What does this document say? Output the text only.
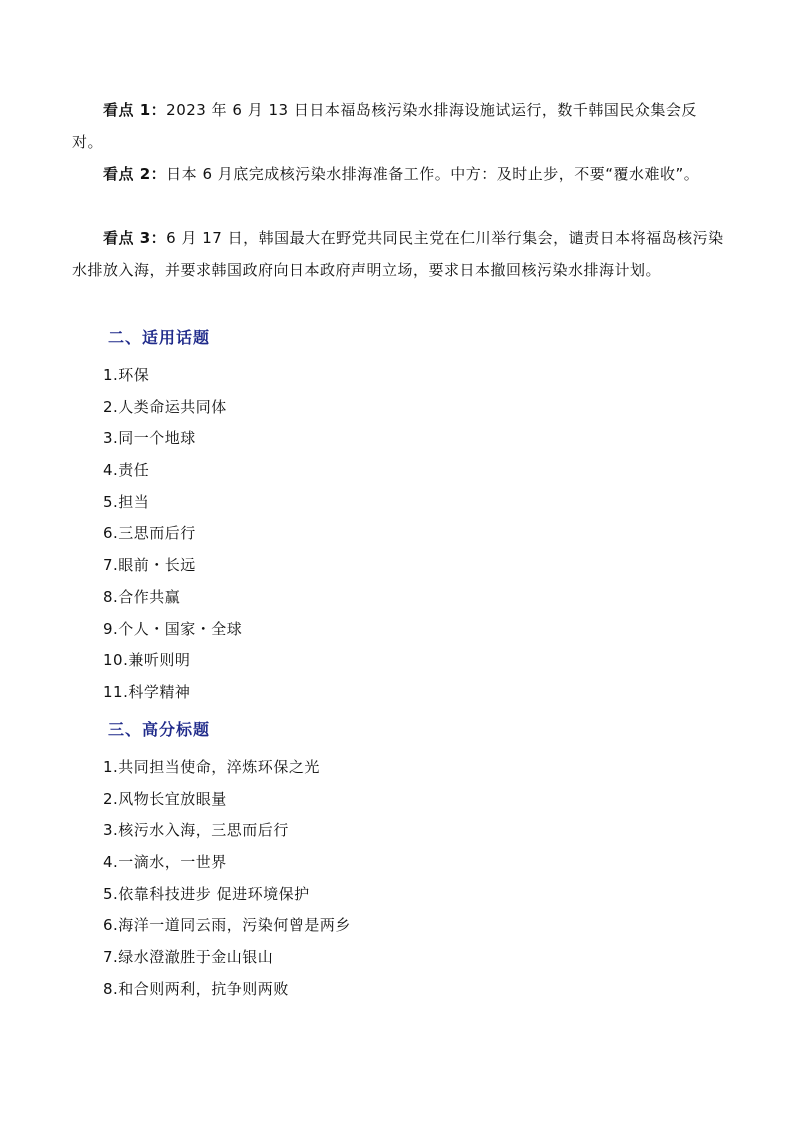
看点 1：2023 年 6 月 13 日日本福岛核污染水排海设施试运行，数千韩国民众集会反对。

看点 2：日本 6 月底完成核污染水排海准备工作。中方：及时止步，不要“覆水难收”。

看点 3：6 月 17 日，韩国最大在野党共同民主党在仁川举行集会，谴责日本将福岛核污染水排放入海，并要求韩国政府向日本政府声明立场，要求日本撤回核污染水排海计划。

二、适用话题
1.环保
2.人类命运共同体
3.同一个地球
4.责任
5.担当
6.三思而后行
7.眼前・长远
8.合作共赢
9.个人・国家・全球
10.兼听则明
11.科学精神
三、高分标题
1.共同担当使命，淬炼环保之光
2.风物长宜放眼量
3.核污水入海，三思而后行
4.一滴水，一世界
5.依靠科技进步 促进环境保护
6.海洋一道同云雨，污染何曾是两乡
7.绿水澄澈胜于金山银山
8.和合则两利，抗争则两败
